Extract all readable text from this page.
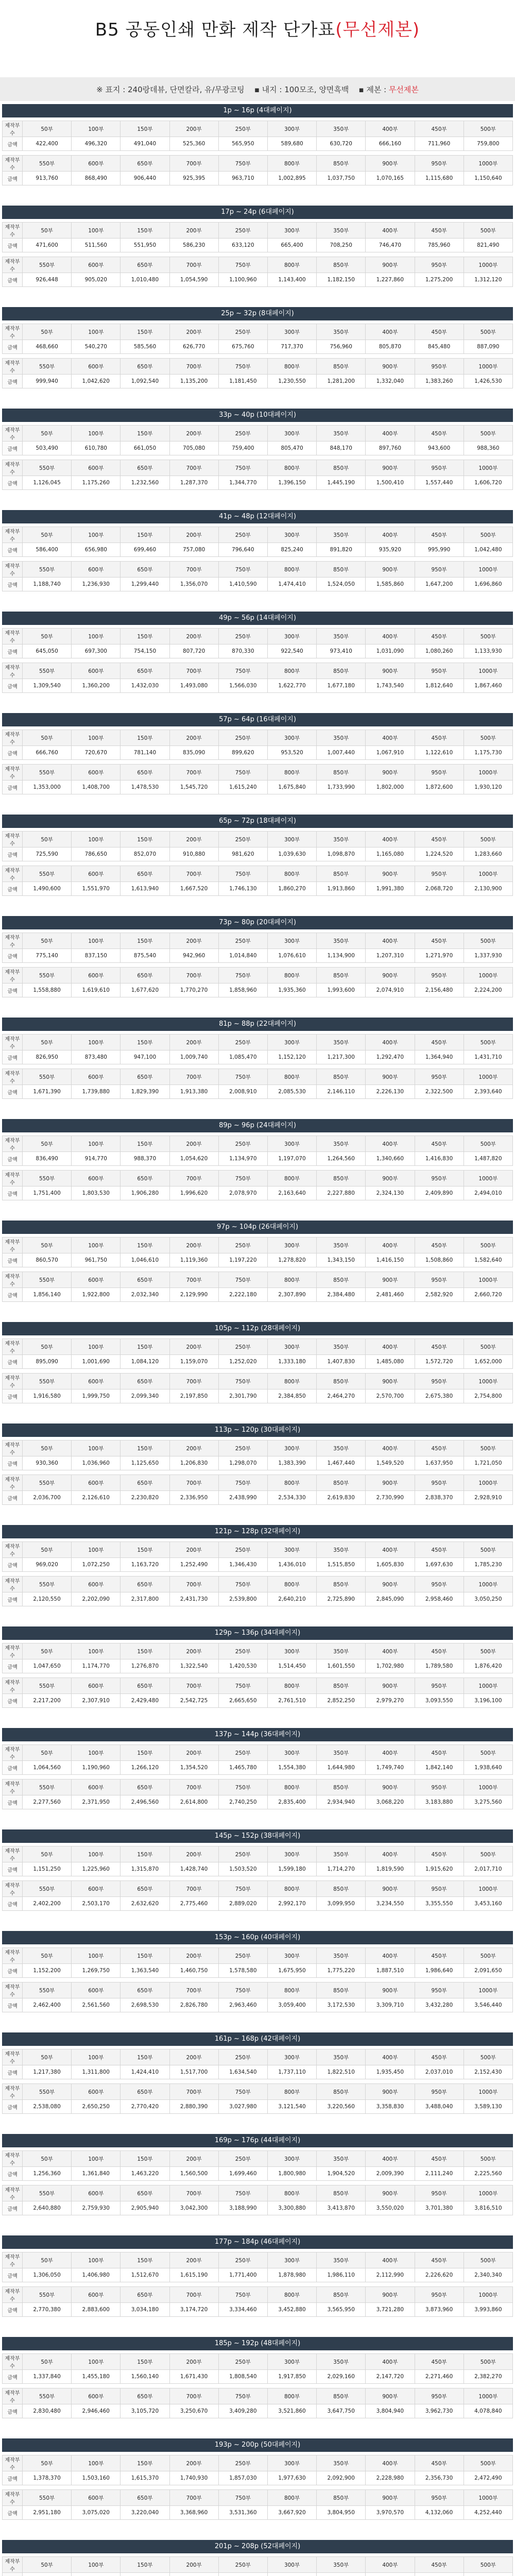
B5 공동인쇄 만화 제작 단가표(무선제본)
※ 표지 : 240랑데뷰, 단면칼라, 유/무광코팅    ▪ 내지 : 100모조, 양면흑백    ▪ 제본 : 무선제본
1p ~ 16p (4대페이지)
제작부수	50부	100부	150부	200부	250부	300부	350부	400부	450부	500부
금액	422,400	496,320	491,040	525,360	565,950	589,680	630,720	666,160	711,960	759,800

제작부수	550부	600부	650부	700부	750부	800부	850부	900부	950부	1000부
금액	913,760	868,490	906,440	925,395	963,710	1,002,895	1,037,750	1,070,165	1,115,680	1,150,640
17p ~ 24p (6대페이지)
제작부수	50부	100부	150부	200부	250부	300부	350부	400부	450부	500부
금액	471,600	511,560	551,950	586,230	633,120	665,400	708,250	746,470	785,960	821,490

제작부수	550부	600부	650부	700부	750부	800부	850부	900부	950부	1000부
금액	926,448	905,020	1,010,480	1,054,590	1,100,960	1,143,400	1,182,150	1,227,860	1,275,200	1,312,120
25p ~ 32p (8대페이지)
제작부수	50부	100부	150부	200부	250부	300부	350부	400부	450부	500부
금액	468,660	540,270	585,560	626,770	675,760	717,370	756,960	805,870	845,480	887,090

제작부수	550부	600부	650부	700부	750부	800부	850부	900부	950부	1000부
금액	999,940	1,042,620	1,092,540	1,135,200	1,181,450	1,230,550	1,281,200	1,332,040	1,383,260	1,426,530
33p ~ 40p (10대페이지)
제작부수	50부	100부	150부	200부	250부	300부	350부	400부	450부	500부
금액	503,490	610,780	661,050	705,080	759,400	805,470	848,170	897,760	943,600	988,360

제작부수	550부	600부	650부	700부	750부	800부	850부	900부	950부	1000부
금액	1,126,045	1,175,260	1,232,560	1,287,370	1,344,770	1,396,150	1,445,190	1,500,410	1,557,440	1,606,720
41p ~ 48p (12대페이지)
제작부수	50부	100부	150부	200부	250부	300부	350부	400부	450부	500부
금액	586,400	656,980	699,460	757,080	796,640	825,240	891,820	935,920	995,990	1,042,480

제작부수	550부	600부	650부	700부	750부	800부	850부	900부	950부	1000부
금액	1,188,740	1,236,930	1,299,440	1,356,070	1,410,590	1,474,410	1,524,050	1,585,860	1,647,200	1,696,860
49p ~ 56p (14대페이지)
제작부수	50부	100부	150부	200부	250부	300부	350부	400부	450부	500부
금액	645,050	697,300	754,150	807,720	870,330	922,540	973,410	1,031,090	1,080,260	1,133,930

제작부수	550부	600부	650부	700부	750부	800부	850부	900부	950부	1000부
금액	1,309,540	1,360,200	1,432,030	1,493,080	1,566,030	1,622,770	1,677,180	1,743,540	1,812,640	1,867,460
57p ~ 64p (16대페이지)
제작부수	50부	100부	150부	200부	250부	300부	350부	400부	450부	500부
금액	666,760	720,670	781,140	835,090	899,620	953,520	1,007,440	1,067,910	1,122,610	1,175,730

제작부수	550부	600부	650부	700부	750부	800부	850부	900부	950부	1000부
금액	1,353,000	1,408,700	1,478,530	1,545,720	1,615,240	1,675,840	1,733,990	1,802,000	1,872,600	1,930,120
65p ~ 72p (18대페이지)
제작부수	50부	100부	150부	200부	250부	300부	350부	400부	450부	500부
금액	725,590	786,650	852,070	910,880	981,620	1,039,630	1,098,870	1,165,080	1,224,520	1,283,660

제작부수	550부	600부	650부	700부	750부	800부	850부	900부	950부	1000부
금액	1,490,600	1,551,970	1,613,940	1,667,520	1,746,130	1,860,270	1,913,860	1,991,380	2,068,720	2,130,900
73p ~ 80p (20대페이지)
제작부수	50부	100부	150부	200부	250부	300부	350부	400부	450부	500부
금액	775,140	837,150	875,540	942,960	1,014,840	1,076,610	1,134,900	1,207,310	1,271,970	1,337,930

제작부수	550부	600부	650부	700부	750부	800부	850부	900부	950부	1000부
금액	1,558,880	1,619,610	1,677,620	1,770,270	1,858,960	1,935,360	1,993,600	2,074,910	2,156,480	2,224,200
81p ~ 88p (22대페이지)
제작부수	50부	100부	150부	200부	250부	300부	350부	400부	450부	500부
금액	826,950	873,480	947,100	1,009,740	1,085,470	1,152,120	1,217,300	1,292,470	1,364,940	1,431,710

제작부수	550부	600부	650부	700부	750부	800부	850부	900부	950부	1000부
금액	1,671,390	1,739,880	1,829,390	1,913,380	2,008,910	2,085,530	2,146,110	2,226,130	2,322,500	2,393,640
89p ~ 96p (24대페이지)
제작부수	50부	100부	150부	200부	250부	300부	350부	400부	450부	500부
금액	836,490	914,770	988,370	1,054,620	1,134,970	1,197,070	1,264,560	1,340,660	1,416,830	1,487,820

제작부수	550부	600부	650부	700부	750부	800부	850부	900부	950부	1000부
금액	1,751,400	1,803,530	1,906,280	1,996,620	2,078,970	2,163,640	2,227,880	2,324,130	2,409,890	2,494,010
97p ~ 104p (26대페이지)
제작부수	50부	100부	150부	200부	250부	300부	350부	400부	450부	500부
금액	860,570	961,750	1,046,610	1,119,360	1,197,220	1,278,820	1,343,150	1,416,150	1,508,860	1,582,640

제작부수	550부	600부	650부	700부	750부	800부	850부	900부	950부	1000부
금액	1,856,140	1,922,800	2,032,340	2,129,990	2,222,180	2,307,890	2,384,480	2,481,460	2,582,920	2,660,720
105p ~ 112p (28대페이지)
제작부수	50부	100부	150부	200부	250부	300부	350부	400부	450부	500부
금액	895,090	1,001,690	1,084,120	1,159,070	1,252,020	1,333,180	1,407,830	1,485,080	1,572,720	1,652,000

제작부수	550부	600부	650부	700부	750부	800부	850부	900부	950부	1000부
금액	1,916,580	1,999,750	2,099,340	2,197,850	2,301,790	2,384,850	2,464,270	2,570,700	2,675,380	2,754,800
113p ~ 120p (30대페이지)
제작부수	50부	100부	150부	200부	250부	300부	350부	400부	450부	500부
금액	930,360	1,036,960	1,125,650	1,206,830	1,298,070	1,383,390	1,467,440	1,549,520	1,637,950	1,721,050

제작부수	550부	600부	650부	700부	750부	800부	850부	900부	950부	1000부
금액	2,036,700	2,126,610	2,230,820	2,336,950	2,438,990	2,534,330	2,619,830	2,730,990	2,838,370	2,928,910
121p ~ 128p (32대페이지)
제작부수	50부	100부	150부	200부	250부	300부	350부	400부	450부	500부
금액	969,020	1,072,250	1,163,720	1,252,490	1,346,430	1,436,010	1,515,850	1,605,830	1,697,630	1,785,230

제작부수	550부	600부	650부	700부	750부	800부	850부	900부	950부	1000부
금액	2,120,550	2,202,090	2,317,800	2,431,730	2,539,800	2,640,210	2,725,890	2,845,090	2,958,460	3,050,250
129p ~ 136p (34대페이지)
제작부수	50부	100부	150부	200부	250부	300부	350부	400부	450부	500부
금액	1,047,650	1,174,770	1,276,870	1,322,540	1,420,530	1,514,450	1,601,550	1,702,980	1,789,580	1,876,420

제작부수	550부	600부	650부	700부	750부	800부	850부	900부	950부	1000부
금액	2,217,200	2,307,910	2,429,480	2,542,725	2,665,650	2,761,510	2,852,250	2,979,270	3,093,550	3,196,100
137p ~ 144p (36대페이지)
제작부수	50부	100부	150부	200부	250부	300부	350부	400부	450부	500부
금액	1,064,560	1,190,960	1,266,120	1,354,520	1,465,780	1,554,380	1,644,980	1,749,740	1,842,140	1,938,640

제작부수	550부	600부	650부	700부	750부	800부	850부	900부	950부	1000부
금액	2,277,560	2,371,950	2,496,560	2,614,800	2,740,250	2,835,400	2,934,940	3,068,220	3,183,880	3,275,560
145p ~ 152p (38대페이지)
제작부수	50부	100부	150부	200부	250부	300부	350부	400부	450부	500부
금액	1,151,250	1,225,960	1,315,870	1,428,740	1,503,520	1,599,180	1,714,270	1,819,590	1,915,620	2,017,710

제작부수	550부	600부	650부	700부	750부	800부	850부	900부	950부	1000부
금액	2,402,200	2,503,170	2,632,620	2,775,460	2,889,020	2,992,170	3,099,950	3,234,550	3,355,550	3,453,160
153p ~ 160p (40대페이지)
제작부수	50부	100부	150부	200부	250부	300부	350부	400부	450부	500부
금액	1,152,200	1,269,750	1,363,540	1,460,750	1,578,580	1,675,950	1,775,220	1,887,510	1,986,640	2,091,650

제작부수	550부	600부	650부	700부	750부	800부	850부	900부	950부	1000부
금액	2,462,400	2,561,560	2,698,530	2,826,780	2,963,460	3,059,400	3,172,530	3,309,710	3,432,280	3,546,440
161p ~ 168p (42대페이지)
제작부수	50부	100부	150부	200부	250부	300부	350부	400부	450부	500부
금액	1,217,380	1,311,800	1,424,410	1,517,700	1,634,540	1,737,110	1,822,510	1,935,450	2,037,010	2,152,430

제작부수	550부	600부	650부	700부	750부	800부	850부	900부	950부	1000부
금액	2,538,080	2,650,250	2,770,420	2,880,390	3,027,980	3,121,540	3,220,560	3,358,830	3,488,040	3,589,130
169p ~ 176p (44대페이지)
제작부수	50부	100부	150부	200부	250부	300부	350부	400부	450부	500부
금액	1,256,360	1,361,840	1,463,220	1,560,500	1,699,460	1,800,980	1,904,520	2,009,390	2,111,240	2,225,560

제작부수	550부	600부	650부	700부	750부	800부	850부	900부	950부	1000부
금액	2,640,880	2,759,930	2,905,940	3,042,300	3,188,990	3,300,880	3,413,870	3,550,020	3,701,380	3,816,510
177p ~ 184p (46대페이지)
제작부수	50부	100부	150부	200부	250부	300부	350부	400부	450부	500부
금액	1,306,050	1,406,980	1,512,670	1,615,190	1,771,400	1,878,980	1,986,110	2,112,990	2,226,620	2,340,340

제작부수	550부	600부	650부	700부	750부	800부	850부	900부	950부	1000부
금액	2,770,380	2,883,600	3,034,180	3,174,720	3,334,460	3,452,880	3,565,950	3,721,280	3,873,960	3,993,860
185p ~ 192p (48대페이지)
제작부수	50부	100부	150부	200부	250부	300부	350부	400부	450부	500부
금액	1,337,840	1,455,180	1,560,140	1,671,430	1,808,540	1,917,850	2,029,160	2,147,720	2,271,460	2,382,270

제작부수	550부	600부	650부	700부	750부	800부	850부	900부	950부	1000부
금액	2,830,480	2,946,460	3,105,720	3,250,670	3,409,280	3,521,860	3,647,750	3,804,940	3,962,730	4,078,840
193p ~ 200p (50대페이지)
제작부수	50부	100부	150부	200부	250부	300부	350부	400부	450부	500부
금액	1,378,370	1,503,160	1,615,370	1,740,930	1,857,030	1,977,630	2,092,900	2,228,980	2,356,730	2,472,490

제작부수	550부	600부	650부	700부	750부	800부	850부	900부	950부	1000부
금액	2,951,180	3,075,020	3,220,040	3,368,960	3,531,360	3,667,920	3,804,950	3,970,570	4,132,060	4,252,440
201p ~ 208p (52대페이지)
제작부수	50부	100부	150부	200부	250부	300부	350부	400부	450부	500부
